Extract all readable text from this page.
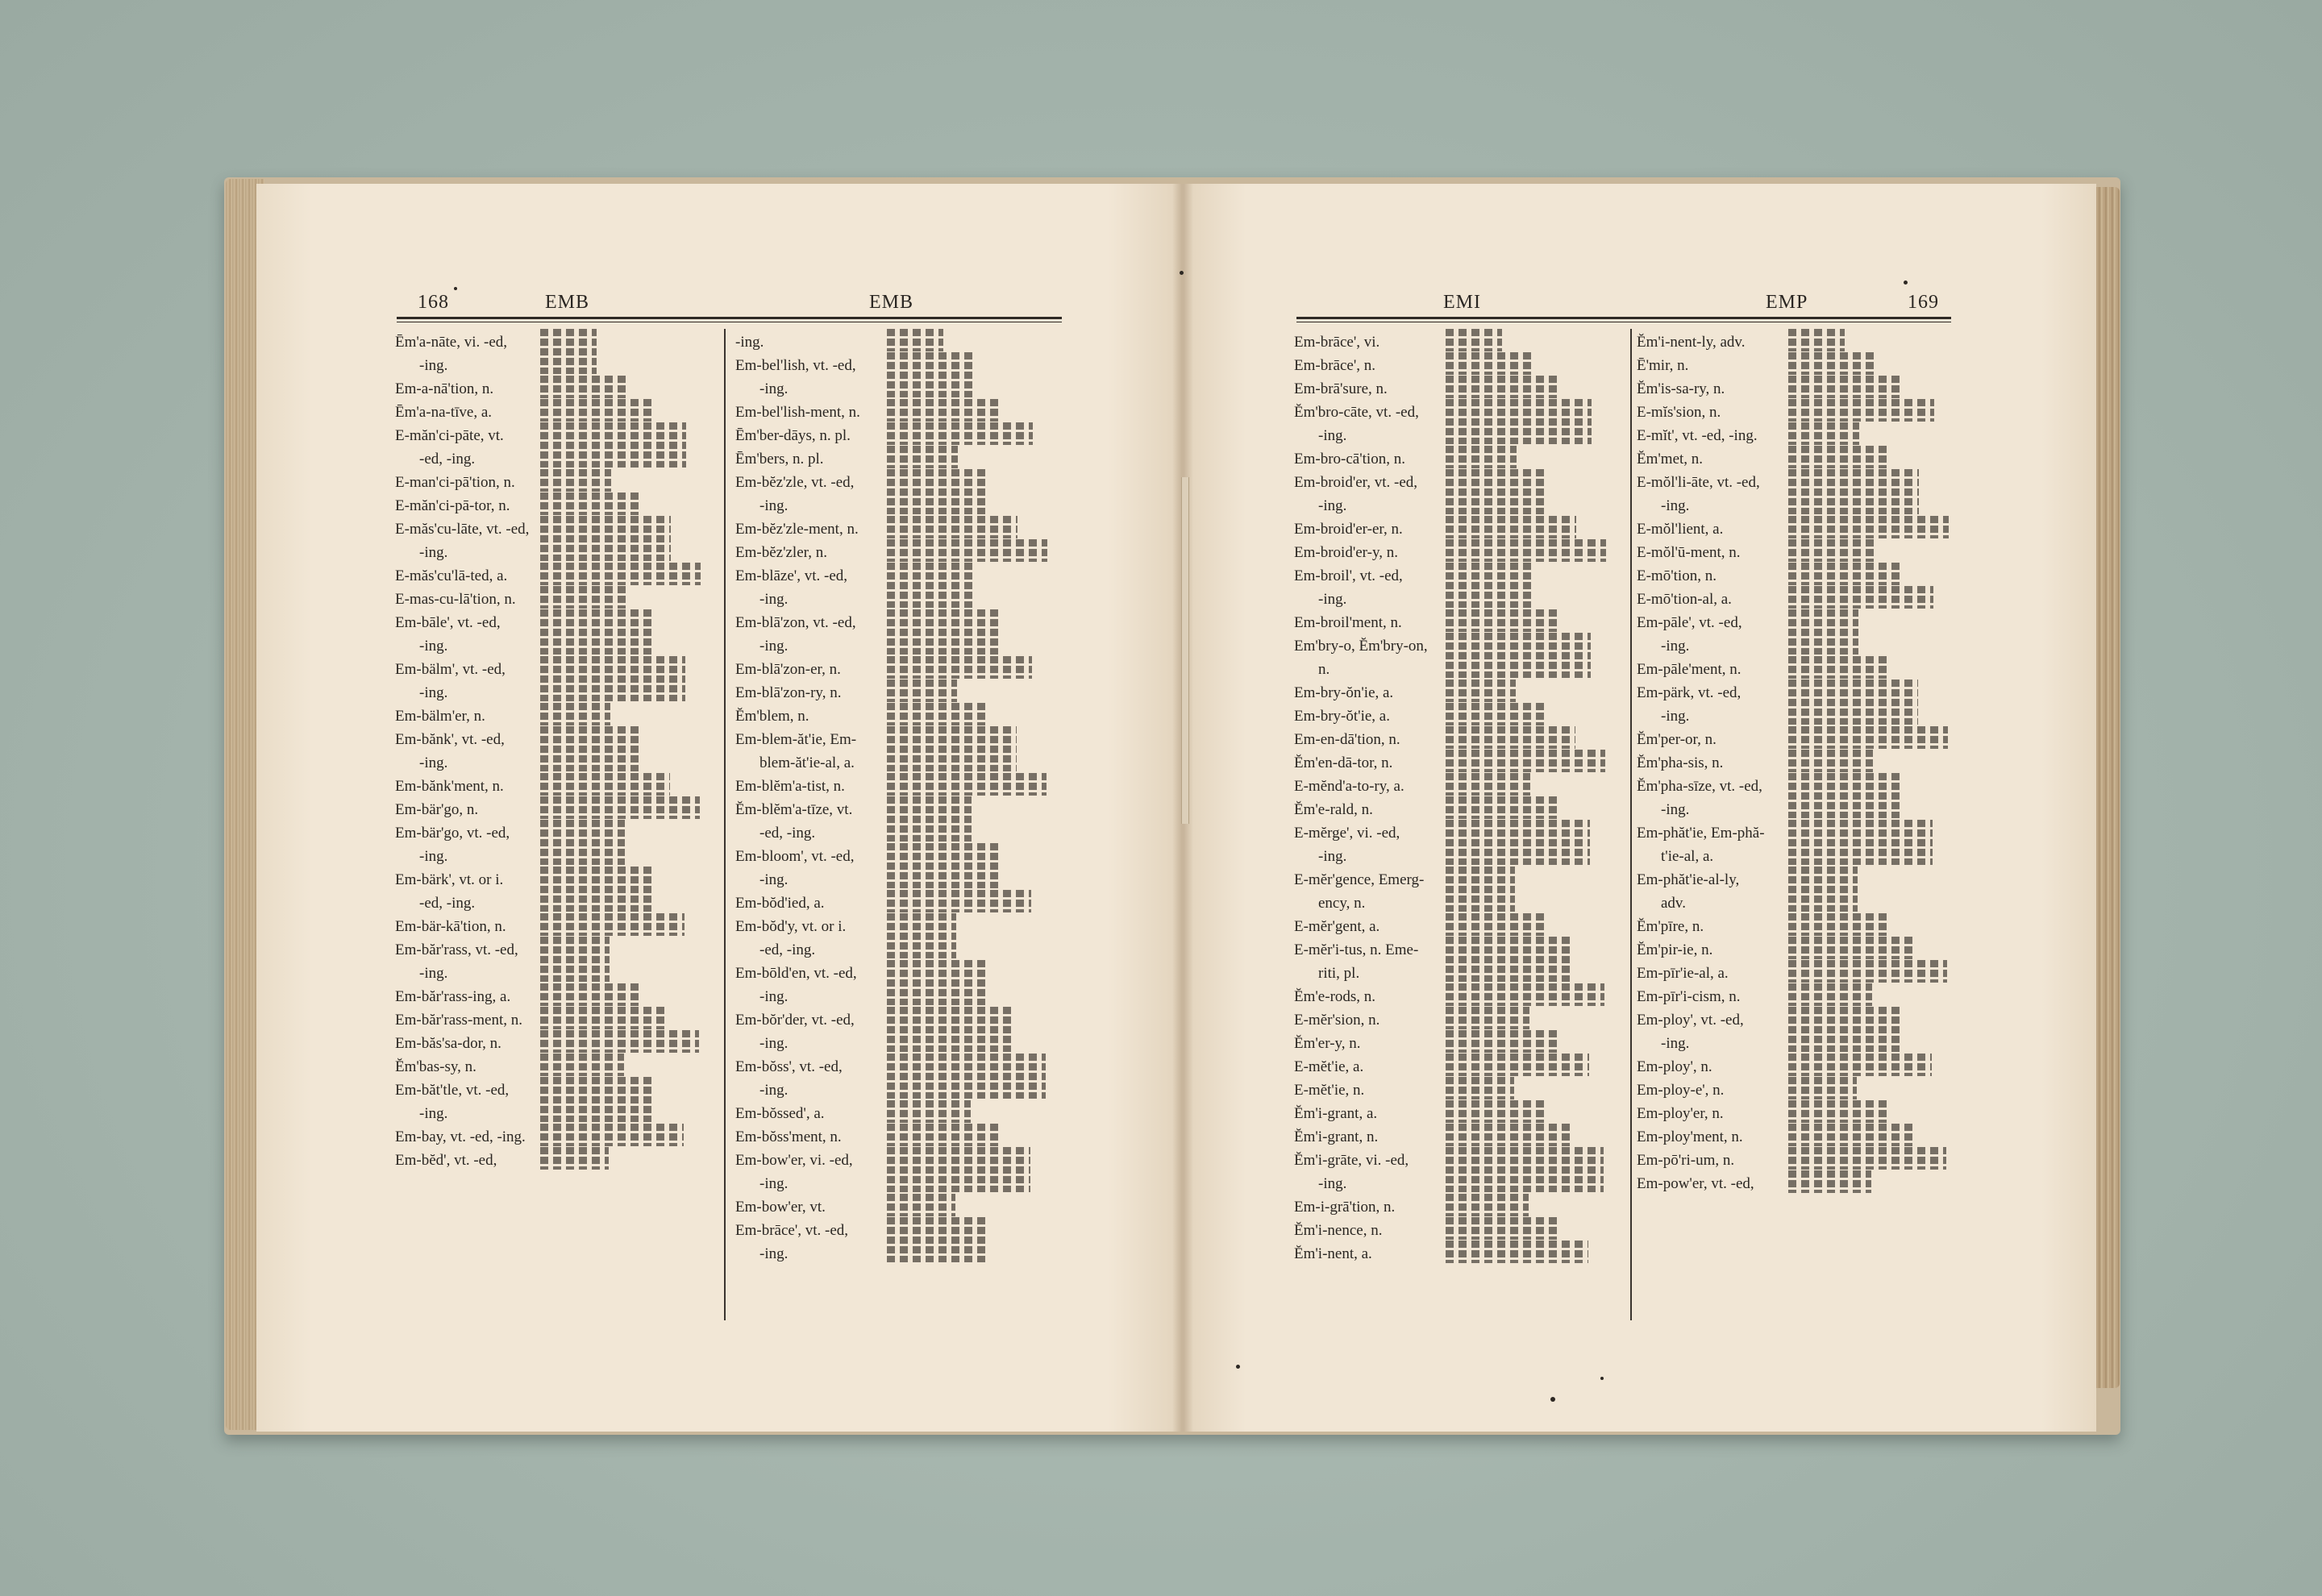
168	EMB	EMB	EMI	EMP	169
Ēm'a-nāte, vi. -ed,
-ing.
Em-a-nā'tion, n.
Ēm'a-na-tīve, a.
E-măn'ci-pāte, vt.
-ed, -ing.
E-man'ci-pā'tion, n.
E-măn'ci-pā-tor, n.
E-măs'cu-lāte, vt. -ed,
-ing.
E-măs'cu'lā-ted, a.
E-mas-cu-lā'tion, n.
Em-bāle', vt. -ed,
-ing.
Em-bälm', vt. -ed,
-ing.
Em-bälm'er, n.
Em-bănk', vt. -ed,
-ing.
Em-bănk'ment, n.
Em-bär'go, n.
Em-bär'go, vt. -ed,
-ing.
Em-bärk', vt. or i.
-ed, -ing.
Em-bär-kā'tion, n.
Em-băr'rass, vt. -ed,
-ing.
Em-băr'rass-ing, a.
Em-băr'rass-ment, n.
Em-băs'sa-dor, n.
Ĕm'bas-sy, n.
Em-băt'tle, vt. -ed,
-ing.
Em-bay, vt. -ed, -ing.
Em-bĕd', vt. -ed,
-ing.
Em-bel'lish, vt. -ed,
-ing.
Em-bel'lish-ment, n.
Ēm'ber-dāys, n. pl.
Ēm'bers, n. pl.
Em-bĕz'zle, vt. -ed,
-ing.
Em-bĕz'zle-ment, n.
Em-bĕz'zler, n.
Em-blāze', vt. -ed,
-ing.
Em-blā'zon, vt. -ed,
-ing.
Em-blā'zon-er, n.
Em-blā'zon-ry, n.
Ĕm'blem, n.
Em-blem-ăt'ie, Em-
blem-ăt'ie-al, a.
Em-blĕm'a-tist, n.
Ĕm-blĕm'a-tīze, vt.
-ed, -ing.
Em-bloom', vt. -ed,
-ing.
Em-bŏd'ied, a.
Em-bŏd'y, vt. or i.
-ed, -ing.
Em-bōld'en, vt. -ed,
-ing.
Em-bŏr'der, vt. -ed,
-ing.
Em-bŏss', vt. -ed,
-ing.
Em-bŏssed', a.
Em-bŏss'ment, n.
Em-bow'er, vi. -ed,
-ing.
Em-bow'er, vt.
Em-brāce', vt. -ed,
-ing.
Em-brāce', vi.
Em-brāce', n.
Em-brā'sure, n.
Ĕm'bro-cāte, vt. -ed,
-ing.
Em-bro-cā'tion, n.
Em-broid'er, vt. -ed,
-ing.
Em-broid'er-er, n.
Em-broid'er-y, n.
Em-broil', vt. -ed,
-ing.
Em-broil'ment, n.
Em'bry-o, Ĕm'bry-on,
n.
Em-bry-ŏn'ie, a.
Em-bry-ŏt'ie, a.
Em-en-dā'tion, n.
Ĕm'en-dā-tor, n.
E-mĕnd'a-to-ry, a.
Ĕm'e-rald, n.
E-mĕrge', vi. -ed,
-ing.
E-mĕr'gence, Emerg-
ency, n.
E-mĕr'gent, a.
E-mĕr'i-tus, n. Eme-
riti, pl.
Ĕm'e-rods, n.
E-mĕr'sion, n.
Ĕm'er-y, n.
E-mĕt'ie, a.
E-mĕt'ie, n.
Ĕm'i-grant, a.
Ĕm'i-grant, n.
Ĕm'i-grāte, vi. -ed,
-ing.
Em-i-grā'tion, n.
Ĕm'i-nence, n.
Ĕm'i-nent, a.
Ĕm'i-nent-ly, adv.
Ē'mir, n.
Ĕm'is-sa-ry, n.
E-mĭs'sion, n.
E-mĭt', vt. -ed, -ing.
Ĕm'met, n.
E-mŏl'li-āte, vt. -ed,
-ing.
E-mŏl'lient, a.
E-mŏl'ū-ment, n.
E-mō'tion, n.
E-mō'tion-al, a.
Em-pāle', vt. -ed,
-ing.
Em-pāle'ment, n.
Em-pärk, vt. -ed,
-ing.
Ĕm'per-or, n.
Ĕm'pha-sis, n.
Ĕm'pha-sīze, vt. -ed,
-ing.
Em-phăt'ie, Em-phă-
t'ie-al, a.
Em-phăt'ie-al-ly,
adv.
Ĕm'pīre, n.
Ĕm'pir-ie, n.
Em-pīr'ie-al, a.
Em-pīr'i-cism, n.
Em-ploy', vt. -ed,
-ing.
Em-ploy', n.
Em-ploy-e', n.
Em-ploy'er, n.
Em-ploy'ment, n.
Em-pō'ri-um, n.
Em-pow'er, vt. -ed,
